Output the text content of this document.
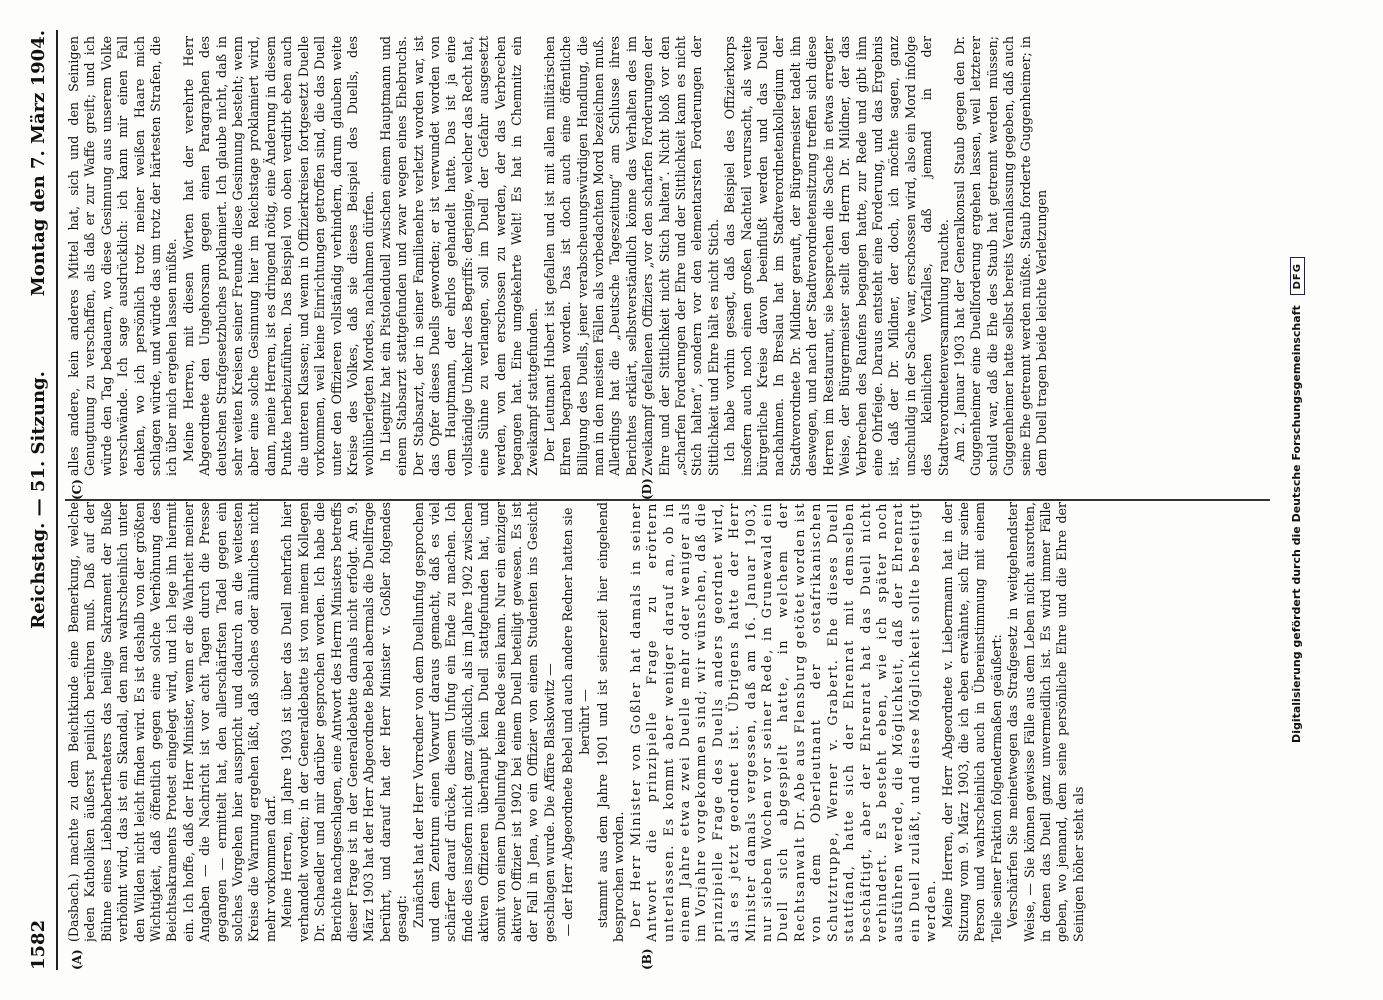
1582
Reichstag. — 51. Sitzung.
Montag den 7. März 1904.
(A)	(B)
(C)	(D)

(Dasbach.) machte zu dem Beichtkinde eine Bemerkung, welche jeden Katholiken äußerst peinlich berühren muß. Daß auf der Bühne eines Liebhabertheaters das heilige Sakrament der Buße verhöhnt wird, das ist ein Skandal, den man wahrscheinlich unter den Wilden nicht leicht finden wird. Es ist deshalb von der größten Wichtigkeit, daß öffentlich gegen eine solche Verhöhnung des Beichtsakraments Protest eingelegt wird, und ich lege ihn hiermit ein. Ich hoffe, daß der Herr Minister, wenn er die Wahrheit meiner Angaben — die Nachricht ist vor acht Tagen durch die Presse gegangen — ermittelt hat, den allerschärfsten Tadel gegen ein solches Vorgehen hier ausspricht und dadurch an die weitesten Kreise die Warnung ergehen läßt, daß solches oder ähnliches nicht mehr vorkommen darf. Meine Herren, im Jahre 1903 ist über das Duell mehrfach hier verhandelt worden; in der Generaldebatte ist von meinem Kollegen Dr. Schaedler und mir darüber gesprochen worden. Ich habe die Berichte nachgeschlagen, eine Antwort des Herrn Ministers betreffs dieser Frage ist in der Generaldebatte damals nicht erfolgt. Am 9. März 1903 hat der Herr Abgeordnete Bebel abermals die Duellfrage berührt, und darauf hat der Herr Minister v. Goßler folgendes gesagt: Zunächst hat der Herr Vorredner von dem Duellunfug gesprochen und dem Zentrum einen Vorwurf daraus gemacht, daß es viel schärfer darauf drücke, diesem Unfug ein Ende zu machen. Ich finde dies insofern nicht ganz glücklich, als im Jahre 1902 zwischen aktiven Offizieren überhaupt kein Duell stattgefunden hat, und somit von einem Duellunfug keine Rede sein kann. Nur ein einziger aktiver Offizier ist 1902 bei einem Duell beteiligt gewesen. Es ist der Fall in Jena, wo ein Offizier von einem Studenten ins Gesicht geschlagen wurde. Die Affäre Blaskowitz — — der Herr Abgeordnete Bebel und auch andere Redner hatten sie berührt — stammt aus dem Jahre 1901 und ist seinerzeit hier eingehend besprochen worden. Der Herr Minister von Goßler hat damals in seiner Antwort die prinzipielle Frage zu erörtern unterlassen. Es kommt aber weniger darauf an, ob in einem Jahre etwa zwei Duelle mehr oder weniger als im Vorjahre vorgekommen sind; wir wünschen, daß die prinzipielle Frage des Duells anders geordnet wird, als es jetzt geordnet ist. Übrigens hatte der Herr Minister damals vergessen, daß am 16. Januar 1903, nur sieben Wochen vor seiner Rede, in Grunewald ein Duell sich abgespielt hatte, in welchem der Rechtsanwalt Dr. Abe aus Flensburg getötet worden ist von dem Oberleutnant der ostafrikanischen Schutztruppe, Werner v. Grabert. Ehe dieses Duell stattfand, hatte sich der Ehrenrat mit demselben beschäftigt, aber der Ehrenrat hat das Duell nicht verhindert. Es besteht eben, wie ich später noch ausführen werde, die Möglichkeit, daß der Ehrenrat ein Duell zuläßt, und diese Möglichkeit sollte beseitigt werden. Meine Herren, der Herr Abgeordnete v. Liebermann hat in der Sitzung vom 9. März 1903, die ich eben erwähnte, sich für seine Person und wahrscheinlich auch in Übereinstimmung mit einem Teile seiner Fraktion folgendermaßen geäußert: Verschärfen Sie meinetwegen das Strafgesetz in weitgehendster Weise, — Sie können gewisse Fälle aus dem Leben nicht ausrotten, in denen das Duell ganz unvermeidlich ist. Es wird immer Fälle geben, wo jemand, dem seine persönliche Ehre und die Ehre der Seinigen höher steht als

alles andere, kein anderes Mittel hat, sich und den Seinigen Genugtuung zu verschaffen, als daß er zur Waffe greift; und ich würde den Tag bedauern, wo diese Gesinnung aus unserem Volke verschwände. Ich sage ausdrücklich: ich kann mir einen Fall denken, wo ich persönlich trotz meiner weißen Haare mich schlagen würde, und würde das um trotz der härtesten Strafen, die ich über mich ergehen lassen müßte. Meine Herren, mit diesen Worten hat der verehrte Herr Abgeordnete den Ungehorsam gegen einen Paragraphen des deutschen Strafgesetzbuches proklamiert. Ich glaube nicht, daß in sehr weiten Kreisen seiner Freunde diese Gesinnung besteht; wenn aber eine solche Gesinnung hier im Reichstage proklamiert wird, dann, meine Herren, ist es dringend nötig, eine Änderung in diesem Punkte herbeizuführen. Das Beispiel von oben verdirbt eben auch die unteren Klassen; und wenn in Offizierkreisen fortgesetzt Duelle vorkommen, weil keine Einrichtungen getroffen sind, die das Duell unter den Offizieren vollständig verhindern, darum glauben weite Kreise des Volkes, daß sie dieses Beispiel des Duells, des wohlüberlegten Mordes, nachahmen dürfen. In Liegnitz hat ein Pistolenduell zwischen einem Hauptmann und einem Stabsarzt stattgefunden und zwar wegen eines Ehebruchs. Der Stabsarzt, der in seiner Familienehre verletzt worden war, ist das Opfer dieses Duells geworden; er ist verwundet worden von dem Hauptmann, der ehrlos gehandelt hatte. Das ist ja eine vollständige Umkehr des Begriffs: derjenige, welcher das Recht hat, eine Sühne zu verlangen, soll im Duell der Gefahr ausgesetzt werden, von dem erschossen zu werden, der das Verbrechen begangen hat. Eine umgekehrte Welt! Es hat in Chemnitz ein Zweikampf stattgefunden. Der Leutnant Hubert ist gefallen und ist mit allen militärischen Ehren begraben worden. Das ist doch auch eine öffentliche Billigung des Duells, jener verabscheuungswürdigen Handlung, die man in den meisten Fällen als vorbedachten Mord bezeichnen muß. Allerdings hat die „Deutsche Tageszeitung“ am Schlusse ihres Berichtes erklärt, selbstverständlich könne das Verhalten des im Zweikampf gefallenen Offiziers „vor den scharfen Forderungen der Ehre und der Sittlichkeit nicht Stich halten“. Nicht bloß vor den „scharfen Forderungen der Ehre und der Sittlichkeit kann es nicht Stich halten“, sondern vor den elementarsten Forderungen der Sittlichkeit und Ehre hält es nicht Stich. Ich habe vorhin gesagt, daß das Beispiel des Offizierkorps insofern auch noch einen großen Nachteil verursacht, als weite bürgerliche Kreise davon beeinflußt werden und das Duell nachahmen. In Breslau hat im Stadtverordnetenkollegium der Stadtverordnete Dr. Mildner gerauft, der Bürgermeister tadelt ihn deswegen, und nach der Stadtverordnetensitzung treffen sich diese Herren im Restaurant, sie besprechen die Sache in etwas erregter Weise, der Bürgermeister stellt den Herrn Dr. Mildner, der das Verbrechen des Raufens begangen hatte, zur Rede und gibt ihm eine Ohrfeige. Daraus entsteht eine Forderung, und das Ergebnis ist, daß der Dr. Mildner, der doch, ich möchte sagen, ganz unschuldig in der Sache war, erschossen wird, also ein Mord infolge des kleinlichen Vorfalles, daß jemand in der Stadtverordnetenversammlung rauchte. Am 2. Januar 1903 hat der Generalkonsul Staub gegen den Dr. Guggenheimer eine Duellforderung ergehen lassen, weil letzterer schuld war, daß die Ehe des Staub hat getrennt werden müssen; Guggenheimer hatte selbst bereits Veranlassung gegeben, daß auch seine Ehe getrennt werden müßte. Staub forderte Guggenheimer; in dem Duell tragen beide leichte Verletzungen	Digitalisierung gefördert durch die Deutsche Forschungsgemeinschaft DFG
